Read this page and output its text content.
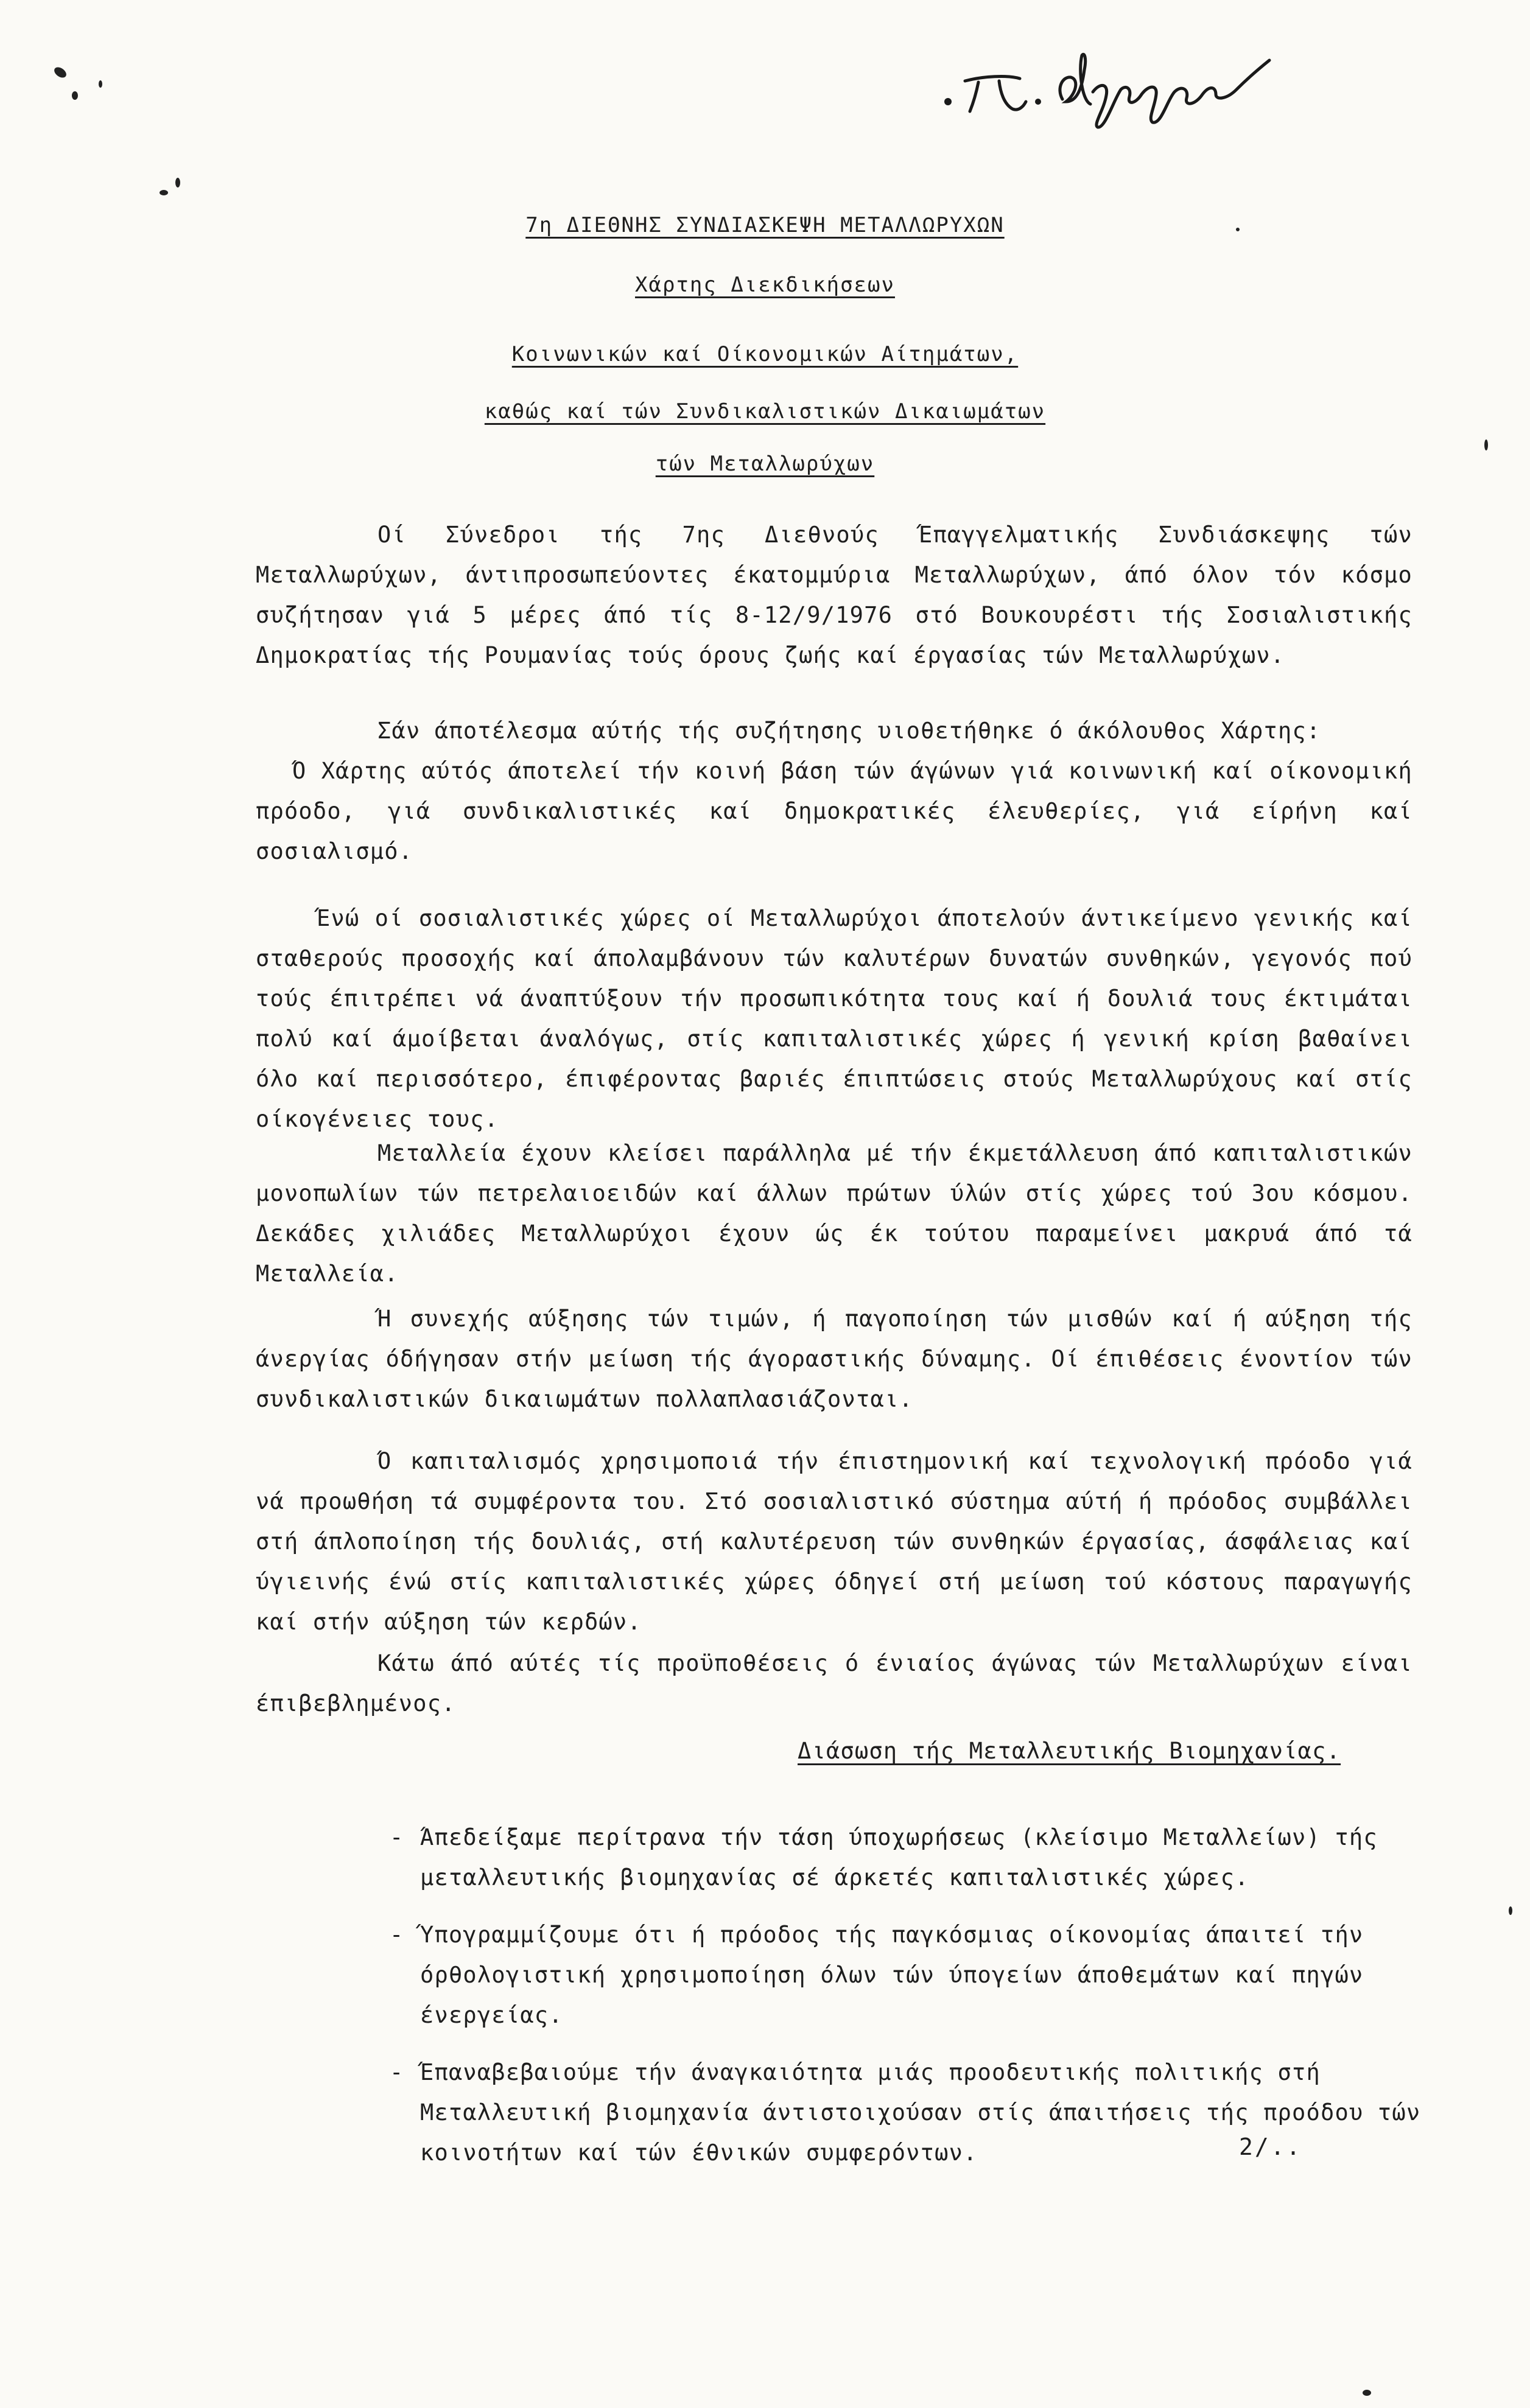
7η ΔΙΕΘΝΗΣ ΣΥΝΔΙΑΣΚΕΨΗ ΜΕΤΑΛΛΩΡΥΧΩΝ
Χάρτης Διεκδικήσεων
Κοινωνικών καί Οίκονομικών Αίτημάτων,
καθώς καί τών Συνδικαλιστικών Δικαιωμάτων
τών Μεταλλωρύχων

Οί Σύνεδροι τής 7ης Διεθνούς Έπαγγελματικής Συνδιάσκεψης τών Μεταλλωρύχων, άντιπροσωπεύοντες έκατομμύρια Μεταλλωρύχων, άπό όλον τόν κόσμο συζήτησαν γιά 5 μέρες άπό τίς 8-12/9/1976 στό Βουκουρέστι τής Σοσιαλιστικής Δημοκρατίας τής Ρουμανίας τούς όρους ζωής καί έργασίας τών Μεταλλωρύχων.

Σάν άποτέλεσμα αύτής τής συζήτησης υιοθετήθηκε ό άκόλουθος Χάρτης:

Ό Χάρτης αύτός άποτελεί τήν κοινή βάση τών άγώνων γιά κοινωνική καί οίκονομική πρόοδο, γιά συνδικαλιστικές καί δημοκρατικές έλευθερίες, γιά είρήνη καί σοσιαλισμό.

Ένώ οί σοσιαλιστικές χώρες οί Μεταλλωρύχοι άποτελούν άντικείμενο γενικής καί σταθερούς προσοχής καί άπολαμβάνουν τών καλυτέρων δυνατών συνθηκών, γεγονός πού τούς έπιτρέπει νά άναπτύξουν τήν προσωπικότητα τους καί ή δουλιά τους έκτιμάται πολύ καί άμοίβεται άναλόγως, στίς καπιταλιστικές χώρες ή γενική κρίση βαθαίνει όλο καί περισσότερο, έπιφέροντας βαριές έπιπτώσεις στούς Μεταλλωρύχους καί στίς οίκογένειες τους.

Μεταλλεία έχουν κλείσει παράλληλα μέ τήν έκμετάλλευση άπό καπιταλιστικών μονοπωλίων τών πετρελαιοειδών καί άλλων πρώτων ύλών στίς χώρες τού 3ου κόσμου. Δεκάδες χιλιάδες Μεταλλωρύχοι έχουν ώς έκ τούτου παραμείνει μακρυά άπό τά Μεταλλεία.

Ή συνεχής αύξησης τών τιμών, ή παγοποίηση τών μισθών καί ή αύξηση τής άνεργίας όδήγησαν στήν μείωση τής άγοραστικής δύναμης. Οί έπιθέσεις ένοντίον τών συνδικαλιστικών δικαιωμάτων πολλαπλασιάζονται.

Ό καπιταλισμός χρησιμοποιά τήν έπιστημονική καί τεχνολογική πρόοδο γιά νά προωθήση τά συμφέροντα του. Στό σοσιαλιστικό σύστημα αύτή ή πρόοδος συμβάλλει στή άπλοποίηση τής δουλιάς, στή καλυτέρευση τών συνθηκών έργασίας, άσφάλειας καί ύγιεινής ένώ στίς καπιταλιστικές χώρες όδηγεί στή μείωση τού κόστους παραγωγής καί στήν αύξηση τών κερδών.

Κάτω άπό αύτές τίς προϋποθέσεις ό ένιαίος άγώνας τών Μεταλλωρύχων είναι έπιβεβλημένος.

Διάσωση τής Μεταλλευτικής Βιομηχανίας.
- Άπεδείξαμε περίτρανα τήν τάση ύποχωρήσεως (κλείσιμο Μεταλλείων) τής μεταλλευτικής βιομηχανίας σέ άρκετές καπιταλιστικές χώρες.
- Ύπογραμμίζουμε ότι ή πρόοδος τής παγκόσμιας οίκονομίας άπαιτεί τήν όρθολογιστική χρησιμοποίηση όλων τών ύπογείων άποθεμάτων καί πηγών ένεργείας.
- Έπαναβεβαιούμε τήν άναγκαιότητα μιάς προοδευτικής πολιτικής στή Μεταλλευτική βιομηχανία άντιστοιχούσαν στίς άπαιτήσεις τής προόδου τών κοινοτήτων καί τών έθνικών συμφερόντων.	2/..
